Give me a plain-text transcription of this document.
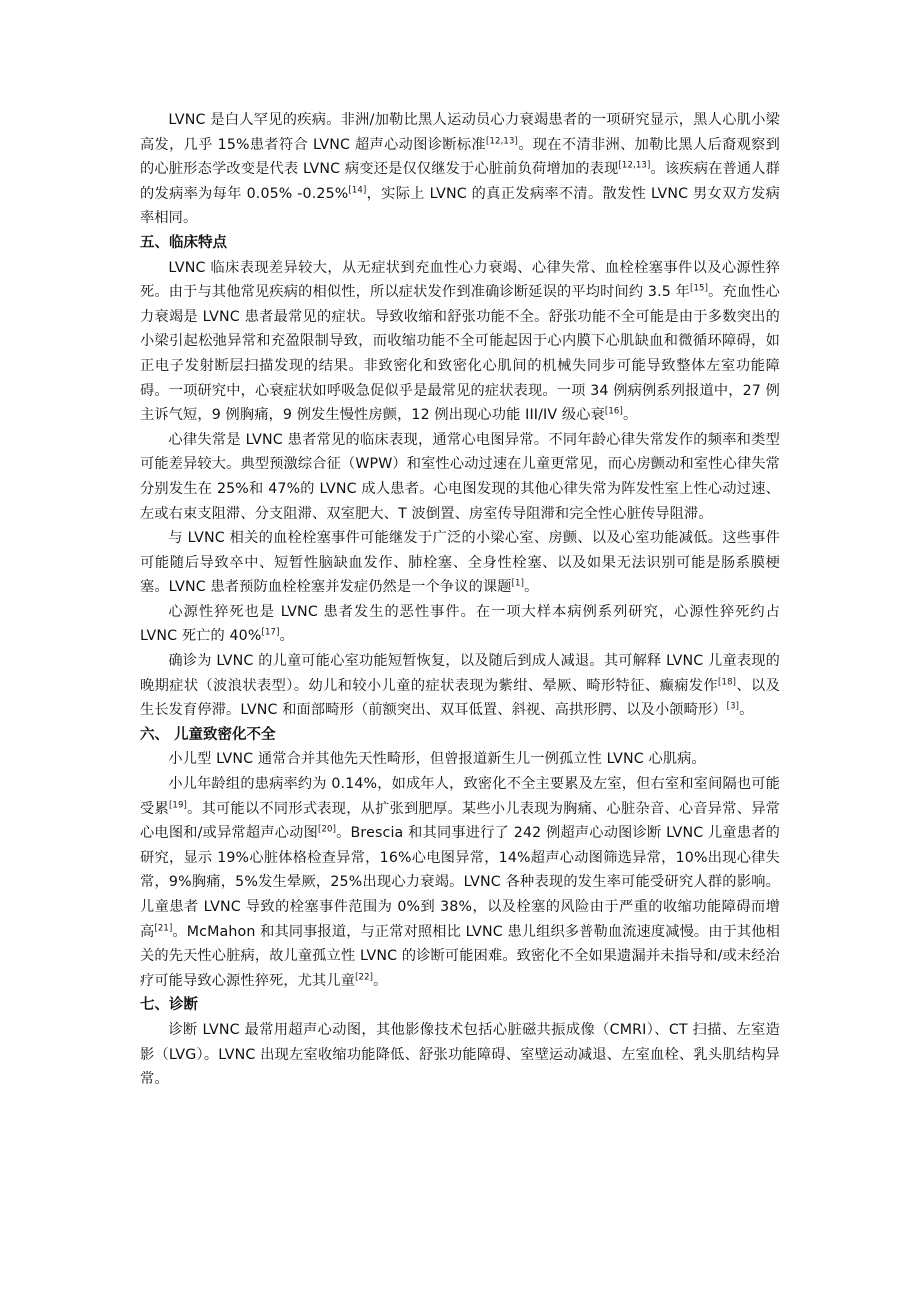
LVNC 是白人罕见的疾病。非洲/加勒比黑人运动员心力衰竭患者的一项研究显示，黑人心肌小梁高发，几乎 15%患者符合 LVNC 超声心动图诊断标准[12,13]。现在不清非洲、加勒比黑人后裔观察到的心脏形态学改变是代表 LVNC 病变还是仅仅继发于心脏前负荷增加的表现[12,13]。该疾病在普通人群的发病率为每年 0.05% -0.25%[14]，实际上 LVNC 的真正发病率不清。散发性 LVNC 男女双方发病率相同。

五、临床特点

LVNC 临床表现差异较大，从无症状到充血性心力衰竭、心律失常、血栓栓塞事件以及心源性猝死。由于与其他常见疾病的相似性，所以症状发作到准确诊断延误的平均时间约 3.5 年[15]。充血性心力衰竭是 LVNC 患者最常见的症状。导致收缩和舒张功能不全。舒张功能不全可能是由于多数突出的小梁引起松弛异常和充盈限制导致，而收缩功能不全可能起因于心内膜下心肌缺血和微循环障碍，如正电子发射断层扫描发现的结果。非致密化和致密化心肌间的机械失同步可能导致整体左室功能障碍。一项研究中，心衰症状如呼吸急促似乎是最常见的症状表现。一项 34 例病例系列报道中，27 例主诉气短，9 例胸痛，9 例发生慢性房颤，12 例出现心功能 III/IV 级心衰[16]。

心律失常是 LVNC 患者常见的临床表现，通常心电图异常。不同年龄心律失常发作的频率和类型可能差异较大。典型预激综合征（WPW）和室性心动过速在儿童更常见，而心房颤动和室性心律失常分别发生在 25%和 47%的 LVNC 成人患者。心电图发现的其他心律失常为阵发性室上性心动过速、左或右束支阻滞、分支阻滞、双室肥大、T 波倒置、房室传导阻滞和完全性心脏传导阻滞。

与 LVNC 相关的血栓栓塞事件可能继发于广泛的小梁心室、房颤、以及心室功能减低。这些事件可能随后导致卒中、短暂性脑缺血发作、肺栓塞、全身性栓塞、以及如果无法识别可能是肠系膜梗塞。LVNC 患者预防血栓栓塞并发症仍然是一个争议的课题[1]。

心源性猝死也是 LVNC 患者发生的恶性事件。在一项大样本病例系列研究，心源性猝死约占 LVNC 死亡的 40%[17]。

确诊为 LVNC 的儿童可能心室功能短暂恢复，以及随后到成人减退。其可解释 LVNC 儿童表现的晚期症状（波浪状表型）。幼儿和较小儿童的症状表现为紫绀、晕厥、畸形特征、癫痫发作[18]、以及生长发育停滞。LVNC 和面部畸形（前额突出、双耳低置、斜视、高拱形腭、以及小颌畸形）[3]。

六、 儿童致密化不全

小儿型 LVNC 通常合并其他先天性畸形，但曾报道新生儿一例孤立性 LVNC 心肌病。

小儿年龄组的患病率约为 0.14%，如成年人，致密化不全主要累及左室，但右室和室间隔也可能受累[19]。其可能以不同形式表现，从扩张到肥厚。某些小儿表现为胸痛、心脏杂音、心音异常、异常心电图和/或异常超声心动图[20]。Brescia 和其同事进行了 242 例超声心动图诊断 LVNC 儿童患者的研究，显示 19%心脏体格检查异常，16%心电图异常，14%超声心动图筛选异常，10%出现心律失常，9%胸痛，5%发生晕厥，25%出现心力衰竭。LVNC 各种表现的发生率可能受研究人群的影响。儿童患者 LVNC 导致的栓塞事件范围为 0%到 38%，以及栓塞的风险由于严重的收缩功能障碍而增高[21]。McMahon 和其同事报道，与正常对照相比 LVNC 患儿组织多普勒血流速度减慢。由于其他相关的先天性心脏病，故儿童孤立性 LVNC 的诊断可能困难。致密化不全如果遗漏并未指导和/或未经治疗可能导致心源性猝死，尤其儿童[22]。

七、诊断

诊断 LVNC 最常用超声心动图，其他影像技术包括心脏磁共振成像（CMRI）、CT 扫描、左室造影（LVG）。LVNC 出现左室收缩功能降低、舒张功能障碍、室壁运动减退、左室血栓、乳头肌结构异常。
